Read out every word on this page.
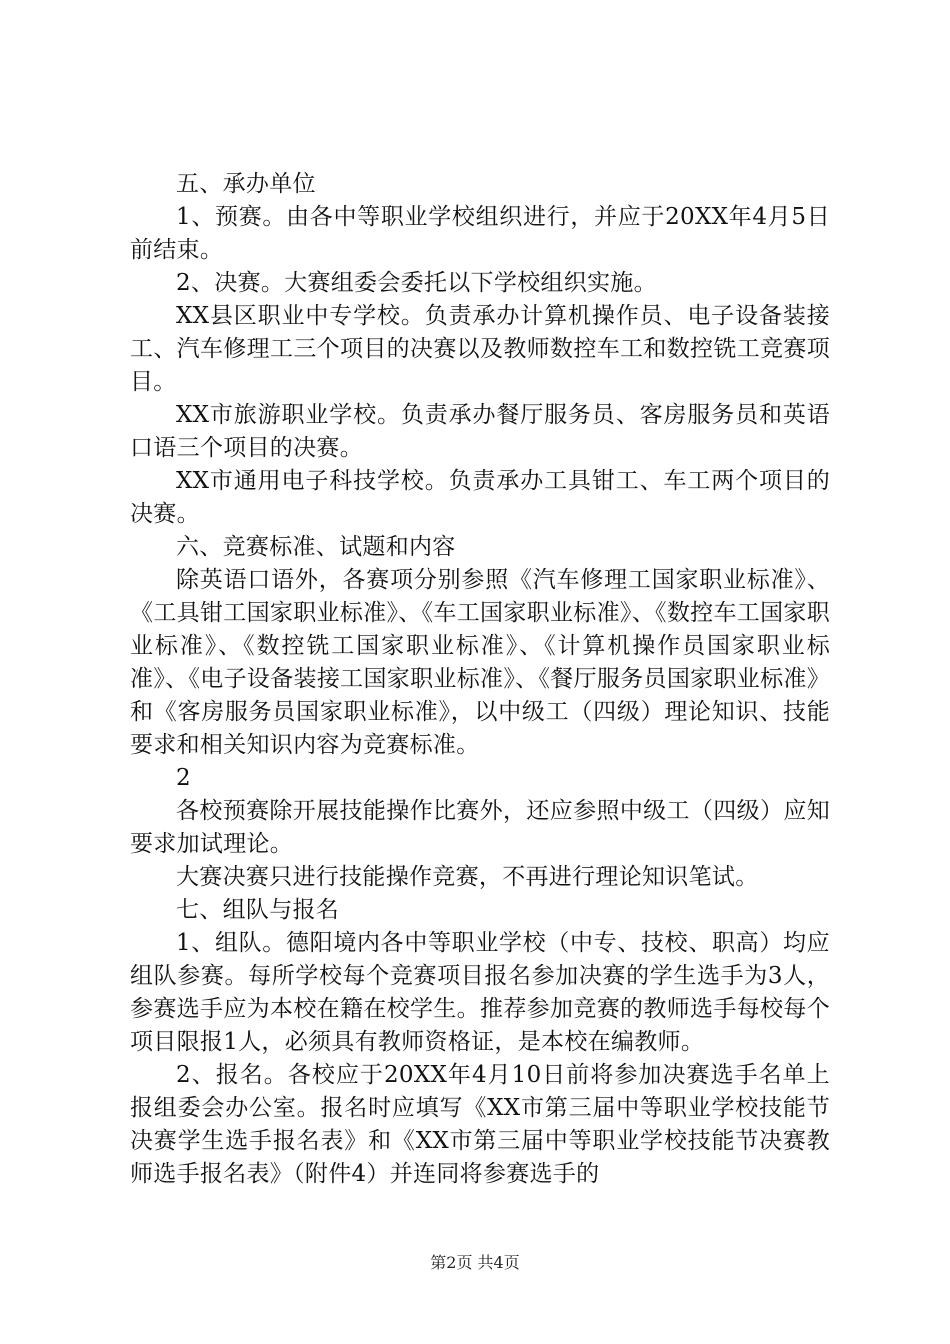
五、承办单位

1、预赛。由各中等职业学校组织进行，并应于20XX年4月5日前结束。

2、决赛。大赛组委会委托以下学校组织实施。

XX县区职业中专学校。负责承办计算机操作员、电子设备装接工、汽车修理工三个项目的决赛以及教师数控车工和数控铣工竞赛项目。

XX市旅游职业学校。负责承办餐厅服务员、客房服务员和英语口语三个项目的决赛。

XX市通用电子科技学校。负责承办工具钳工、车工两个项目的决赛。

六、竞赛标准、试题和内容

除英语口语外，各赛项分别参照《汽车修理工国家职业标准》、《工具钳工国家职业标准》、《车工国家职业标准》、《数控车工国家职业标准》、《数控铣工国家职业标准》、《计算机操作员国家职业标准》、《电子设备装接工国家职业标准》、《餐厅服务员国家职业标准》和《客房服务员国家职业标准》，以中级工（四级）理论知识、技能要求和相关知识内容为竞赛标准。

2

各校预赛除开展技能操作比赛外，还应参照中级工（四级）应知要求加试理论。

大赛决赛只进行技能操作竞赛，不再进行理论知识笔试。

七、组队与报名

1、组队。德阳境内各中等职业学校（中专、技校、职高）均应组队参赛。每所学校每个竞赛项目报名参加决赛的学生选手为3人，参赛选手应为本校在籍在校学生。推荐参加竞赛的教师选手每校每个项目限报1人，必须具有教师资格证，是本校在编教师。

2、报名。各校应于20XX年4月10日前将参加决赛选手名单上报组委会办公室。报名时应填写《XX市第三届中等职业学校技能节决赛学生选手报名表》和《XX市第三届中等职业学校技能节决赛教师选手报名表》（附件4）并连同将参赛选手的

第2页 共4页
